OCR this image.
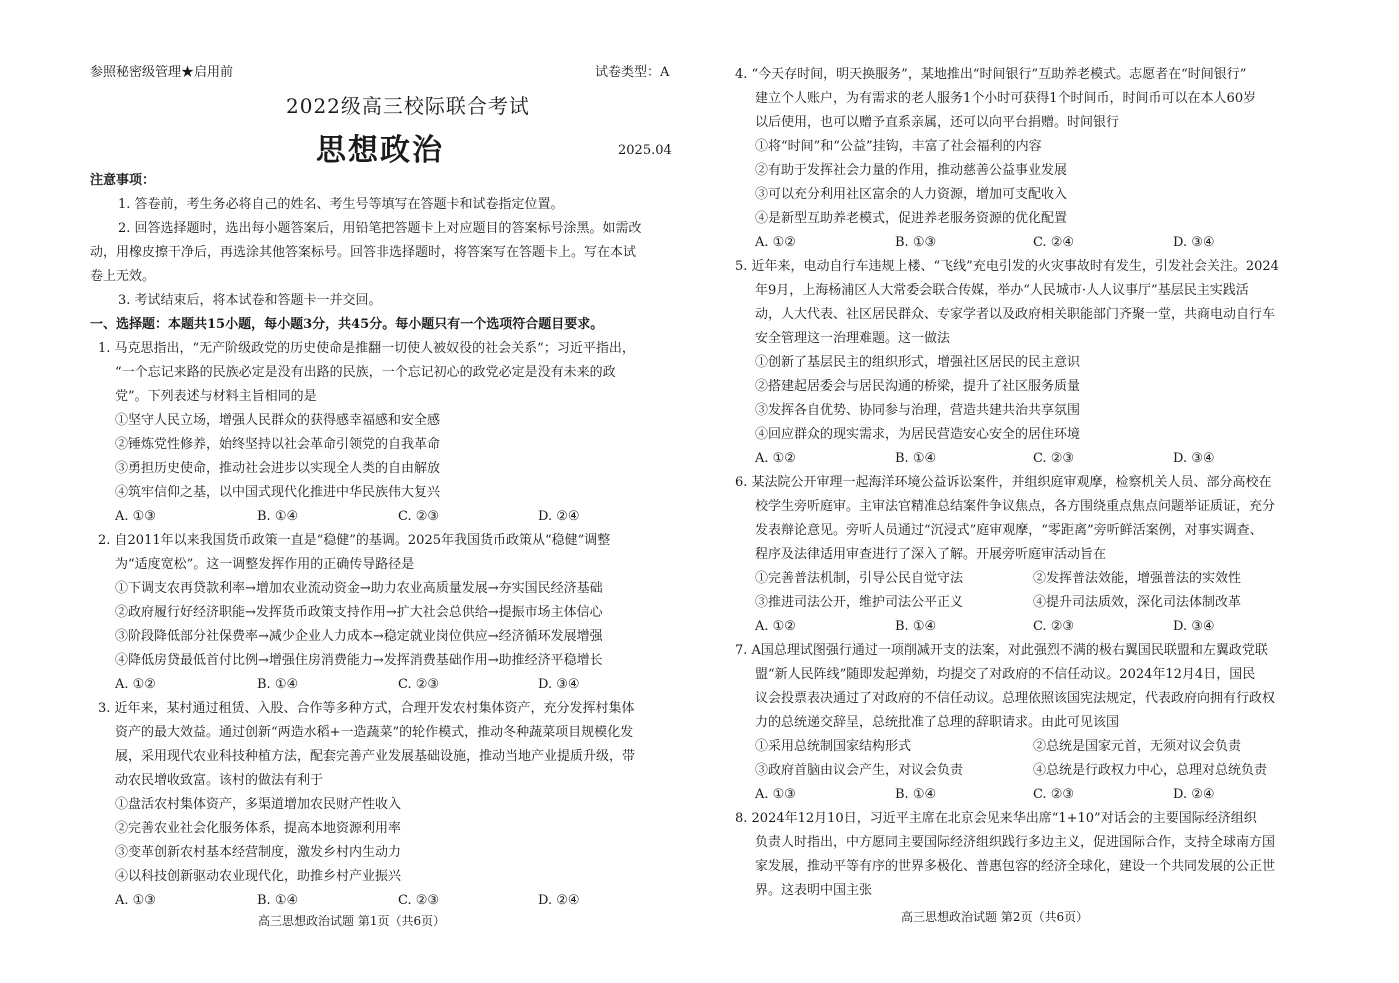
参照秘密级管理★启用前	试卷类型：A
2022级高三校际联合考试
思想政治	2025.04
注意事项：
1. 答卷前，考生务必将自己的姓名、考生号等填写在答题卡和试卷指定位置。
2. 回答选择题时，选出每小题答案后，用铅笔把答题卡上对应题目的答案标号涂黑。如需改
动，用橡皮擦干净后，再选涂其他答案标号。回答非选择题时，将答案写在答题卡上。写在本试
卷上无效。
3. 考试结束后，将本试卷和答题卡一并交回。
一、选择题：本题共15小题，每小题3分，共45分。每小题只有一个选项符合题目要求。
1. 马克思指出，“无产阶级政党的历史使命是推翻一切使人被奴役的社会关系”；习近平指出，
“一个忘记来路的民族必定是没有出路的民族，一个忘记初心的政党必定是没有未来的政
党”。下列表述与材料主旨相同的是
①坚守人民立场，增强人民群众的获得感幸福感和安全感
②锤炼党性修养，始终坚持以社会革命引领党的自我革命
③勇担历史使命，推动社会进步以实现全人类的自由解放
④筑牢信仰之基，以中国式现代化推进中华民族伟大复兴
A. ①③	B. ①④	C. ②③	D. ②④
2. 自2011年以来我国货币政策一直是“稳健”的基调。2025年我国货币政策从“稳健”调整
为“适度宽松”。这一调整发挥作用的正确传导路径是
①下调支农再贷款利率→增加农业流动资金→助力农业高质量发展→夯实国民经济基础
②政府履行好经济职能→发挥货币政策支持作用→扩大社会总供给→提振市场主体信心
③阶段降低部分社保费率→减少企业人力成本→稳定就业岗位供应→经济循环发展增强
④降低房贷最低首付比例→增强住房消费能力→发挥消费基础作用→助推经济平稳增长
A. ①②	B. ①④	C. ②③	D. ③④
3. 近年来，某村通过租赁、入股、合作等多种方式，合理开发农村集体资产，充分发挥村集体
资产的最大效益。通过创新“两造水稻+一造蔬菜”的轮作模式，推动冬种蔬菜项目规模化发
展，采用现代农业科技种植方法，配套完善产业发展基础设施，推动当地产业提质升级，带
动农民增收致富。该村的做法有利于
①盘活农村集体资产，多渠道增加农民财产性收入
②完善农业社会化服务体系，提高本地资源利用率
③变革创新农村基本经营制度，激发乡村内生动力
④以科技创新驱动农业现代化，助推乡村产业振兴
A. ①③	B. ①④	C. ②③	D. ②④
高三思想政治试题 第1页（共6页）
4. “今天存时间，明天换服务”，某地推出“时间银行”互助养老模式。志愿者在“时间银行”
建立个人账户，为有需求的老人服务1个小时可获得1个时间币，时间币可以在本人60岁
以后使用，也可以赠予直系亲属，还可以向平台捐赠。时间银行
①将“时间”和“公益”挂钩，丰富了社会福利的内容
②有助于发挥社会力量的作用，推动慈善公益事业发展
③可以充分利用社区富余的人力资源，增加可支配收入
④是新型互助养老模式，促进养老服务资源的优化配置
A. ①②	B. ①③	C. ②④	D. ③④
5. 近年来，电动自行车违规上楼、“飞线”充电引发的火灾事故时有发生，引发社会关注。2024
年9月，上海杨浦区人大常委会联合传媒，举办“人民城市·人人议事厅”基层民主实践活
动，人大代表、社区居民群众、专家学者以及政府相关职能部门齐聚一堂，共商电动自行车
安全管理这一治理难题。这一做法
①创新了基层民主的组织形式，增强社区居民的民主意识
②搭建起居委会与居民沟通的桥梁，提升了社区服务质量
③发挥各自优势、协同参与治理，营造共建共治共享氛围
④回应群众的现实需求，为居民营造安心安全的居住环境
A. ①②	B. ①④	C. ②③	D. ③④
6. 某法院公开审理一起海洋环境公益诉讼案件，并组织庭审观摩，检察机关人员、部分高校在
校学生旁听庭审。主审法官精准总结案件争议焦点，各方围绕重点焦点问题举证质证，充分
发表辩论意见。旁听人员通过“沉浸式”庭审观摩，“零距离”旁听鲜活案例，对事实调查、
程序及法律适用审查进行了深入了解。开展旁听庭审活动旨在
①完善普法机制，引导公民自觉守法	②发挥普法效能，增强普法的实效性
③推进司法公开，维护司法公平正义	④提升司法质效，深化司法体制改革
A. ①②	B. ①④	C. ②③	D. ③④
7. A国总理试图强行通过一项削减开支的法案，对此强烈不满的极右翼国民联盟和左翼政党联
盟“新人民阵线”随即发起弹劾，均提交了对政府的不信任动议。2024年12月4日，国民
议会投票表决通过了对政府的不信任动议。总理依照该国宪法规定，代表政府向拥有行政权
力的总统递交辞呈，总统批准了总理的辞职请求。由此可见该国
①采用总统制国家结构形式	②总统是国家元首，无须对议会负责
③政府首脑由议会产生，对议会负责	④总统是行政权力中心，总理对总统负责
A. ①③	B. ①④	C. ②③	D. ②④
8. 2024年12月10日，习近平主席在北京会见来华出席“1+10”对话会的主要国际经济组织
负责人时指出，中方愿同主要国际经济组织践行多边主义，促进国际合作，支持全球南方国
家发展，推动平等有序的世界多极化、普惠包容的经济全球化，建设一个共同发展的公正世
界。这表明中国主张
高三思想政治试题 第2页（共6页）
